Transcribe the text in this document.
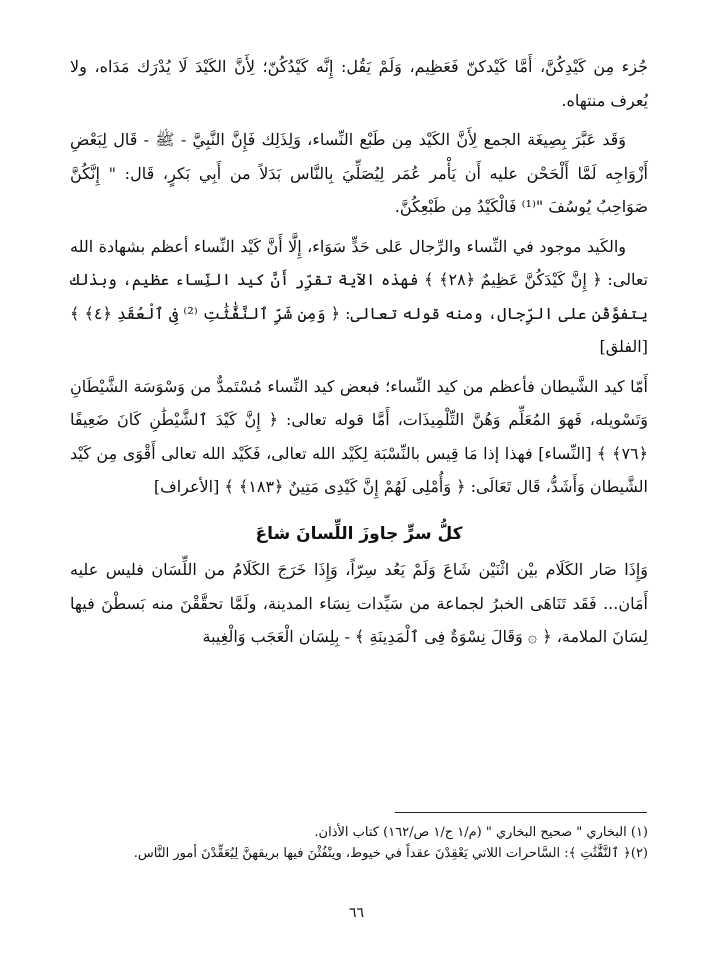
جُزء مِن كَيْدِكُنَّ، أَمَّا كَيْدكنّ فَعَظِيم، وَلَمْ يَقُل: إِنَّه كَيْدُكُنّ؛ لِأَنَّ الكَيْدَ لَا يُدْرَك مَدَاه، ولا يُعرف منتهاه.

وَقَد عَبَّرَ بِصِيغَة الجمع لِأَنَّ الكَيْد مِن طَبْع النِّساء، وَلِذَلِك فَإِنَّ النَّبِيَّ - ﷺ - قَال لِبَعْضِ أَزْوَاجِه لَمَّا أَلْحَحْن عليه أَن يَأْمر عُمَر لِيُصَلِّيَ بِالنَّاس بَدَلاً من أَبِي بَكرٍ، قَال: " إِنَّكُنَّ صَوَاحِبُ يُوسُفَ "⁽¹⁾ فَالْكَيْدُ مِن طَبْعِكُنَّ.

والكَيد موجود في النِّساء والرِّجال عَلى حَدٍّ سَوَاء، إِلَّا أَنَّ كَيْد النِّساء أعظم بشهادة الله تعالى: ﴿ إِنَّ كَيْدَكُنَّ عَظِيمٌ ﴿٢٨﴾ ﴾ فهذه الآية تقرِّر أَنَّ كيد النِّساء عظيم، وبذلك يتفوَّقْن على الرِّجال، ومنه قوله تعالى: ﴿ وَمِن شَرِّ ٱلنَّفَّٰثَٰتِ ⁽²⁾ فِى ٱلْعُقَدِ ﴿٤﴾ ﴾ [الفلق]

أَمّا كيد الشَّيطان فأعظم من كيد النِّساء؛ فبعض كيد النِّساء مُسْتَمدٌّ من وَسْوَسَة الشَّيْطَانِ وَتَسْويله، فَهوَ المُعَلِّم وَهُنَّ التِّلْمِيذَات، أَمَّا قوله تعالى: ﴿ إِنَّ كَيْدَ ٱلشَّيْطَٰنِ كَانَ ضَعِيفًا ﴿٧٦﴾ ﴾ [النِّساء] فهذا إذا مَا قِيس بالنِّسْبَة لِكَيْد الله تعالى، فَكَيْد الله تعالى أَقْوَى مِن كَيْد الشَّيطان وَأَشَدُّ، قَال تَعَالَى: ﴿ وَأُمْلِى لَهُمْ إِنَّ كَيْدِى مَتِينٌ ﴿١٨٣﴾ ﴾ [الأعراف]

كلُّ سرٍّ جاوزَ اللِّسانَ شاعَ

وَإِذَا صَار الكَلَام بيْن اثْنَيْن شَاعَ وَلَمْ يَعُد سِرّاً، وَإِذَا خَرَجَ الكَلَامُ من اللِّسَان فليس عليه أَمَان... فَقَد تَنَاهَى الخبرُ لجماعة من سَيِّدات نِسَاء المدينة، ولَمَّا تحقَّقْنَ منه بَسطْنَ فيها لِسَانَ الملامة، ﴿ ۞ وَقَالَ نِسْوَةٌ فِى ٱلْمَدِينَةِ ﴾ - بِلِسَان الْعَجَب وَالْغِيبة

(١) البخاري " صحيح البخاري " (م/١ ج/١ ص/١٦٢) كتاب الأذان.

(٢)﴿ ٱلنَّفَّٰثَٰتِ ﴾: السَّاحرات اللاتي يَعْقِدْنَ عقداً في خيوط، وينْفُثْنَ فيها بريقهنَّ لِيُعَقِّدْنَ أمور النَّاس.

٦٦
